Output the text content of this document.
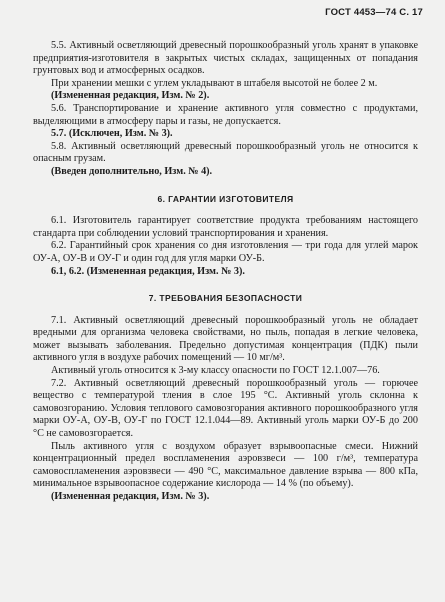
ГОСТ 4453—74 С. 17

5.5. Активный осветляющий древесный порошкообразный уголь хранят в упаковке предприятия-изготовителя в закрытых чистых складах, защищенных от попадания грунтовых вод и атмосферных осадков.

При хранении мешки с углем укладывают в штабеля высотой не более 2 м.

(Измененная редакция, Изм. № 2).

5.6. Транспортирование и хранение активного угля совместно с продуктами, выделяющими в атмосферу пары и газы, не допускается.

5.7. (Исключен, Изм. № 3).

5.8. Активный осветляющий древесный порошкообразный уголь не относится к опасным грузам.

(Введен дополнительно, Изм. № 4).

6. ГАРАНТИИ ИЗГОТОВИТЕЛЯ

6.1. Изготовитель гарантирует соответствие продукта требованиям настоящего стандарта при соблюдении условий транспортирования и хранения.

6.2. Гарантийный срок хранения со дня изготовления — три года для углей марок ОУ-А, ОУ-В и ОУ-Г и один год для угля марки ОУ-Б.

6.1, 6.2. (Измененная редакция, Изм. № 3).

7. ТРЕБОВАНИЯ БЕЗОПАСНОСТИ

7.1. Активный осветляющий древесный порошкообразный уголь не обладает вредными для организма человека свойствами, но пыль, попадая в легкие человека, может вызывать заболевания. Предельно допустимая концентрация (ПДК) пыли активного угля в воздухе рабочих помещений — 10 мг/м³.

Активный уголь относится к 3-му классу опасности по ГОСТ 12.1.007—76.

7.2. Активный осветляющий древесный порошкообразный уголь — горючее вещество с температурой тления в слое 195 °С. Активный уголь склонна к самовозгоранию. Условия теплового самовозгорания активного порошкообразного угля марки ОУ-А, ОУ-В, ОУ-Г по ГОСТ 12.1.044—89. Активный уголь марки ОУ-Б до 200 °С не самовозгорается.

Пыль активного угля с воздухом образует взрывоопасные смеси. Нижний концентрационный предел воспламенения аэровзвеси — 100 г/м³, температура самовоспламенения аэровзвеси — 490 °С, максимальное давление взрыва — 800 кПа, минимальное взрывоопасное содержание кислорода — 14 % (по объему).

(Измененная редакция, Изм. № 3).
